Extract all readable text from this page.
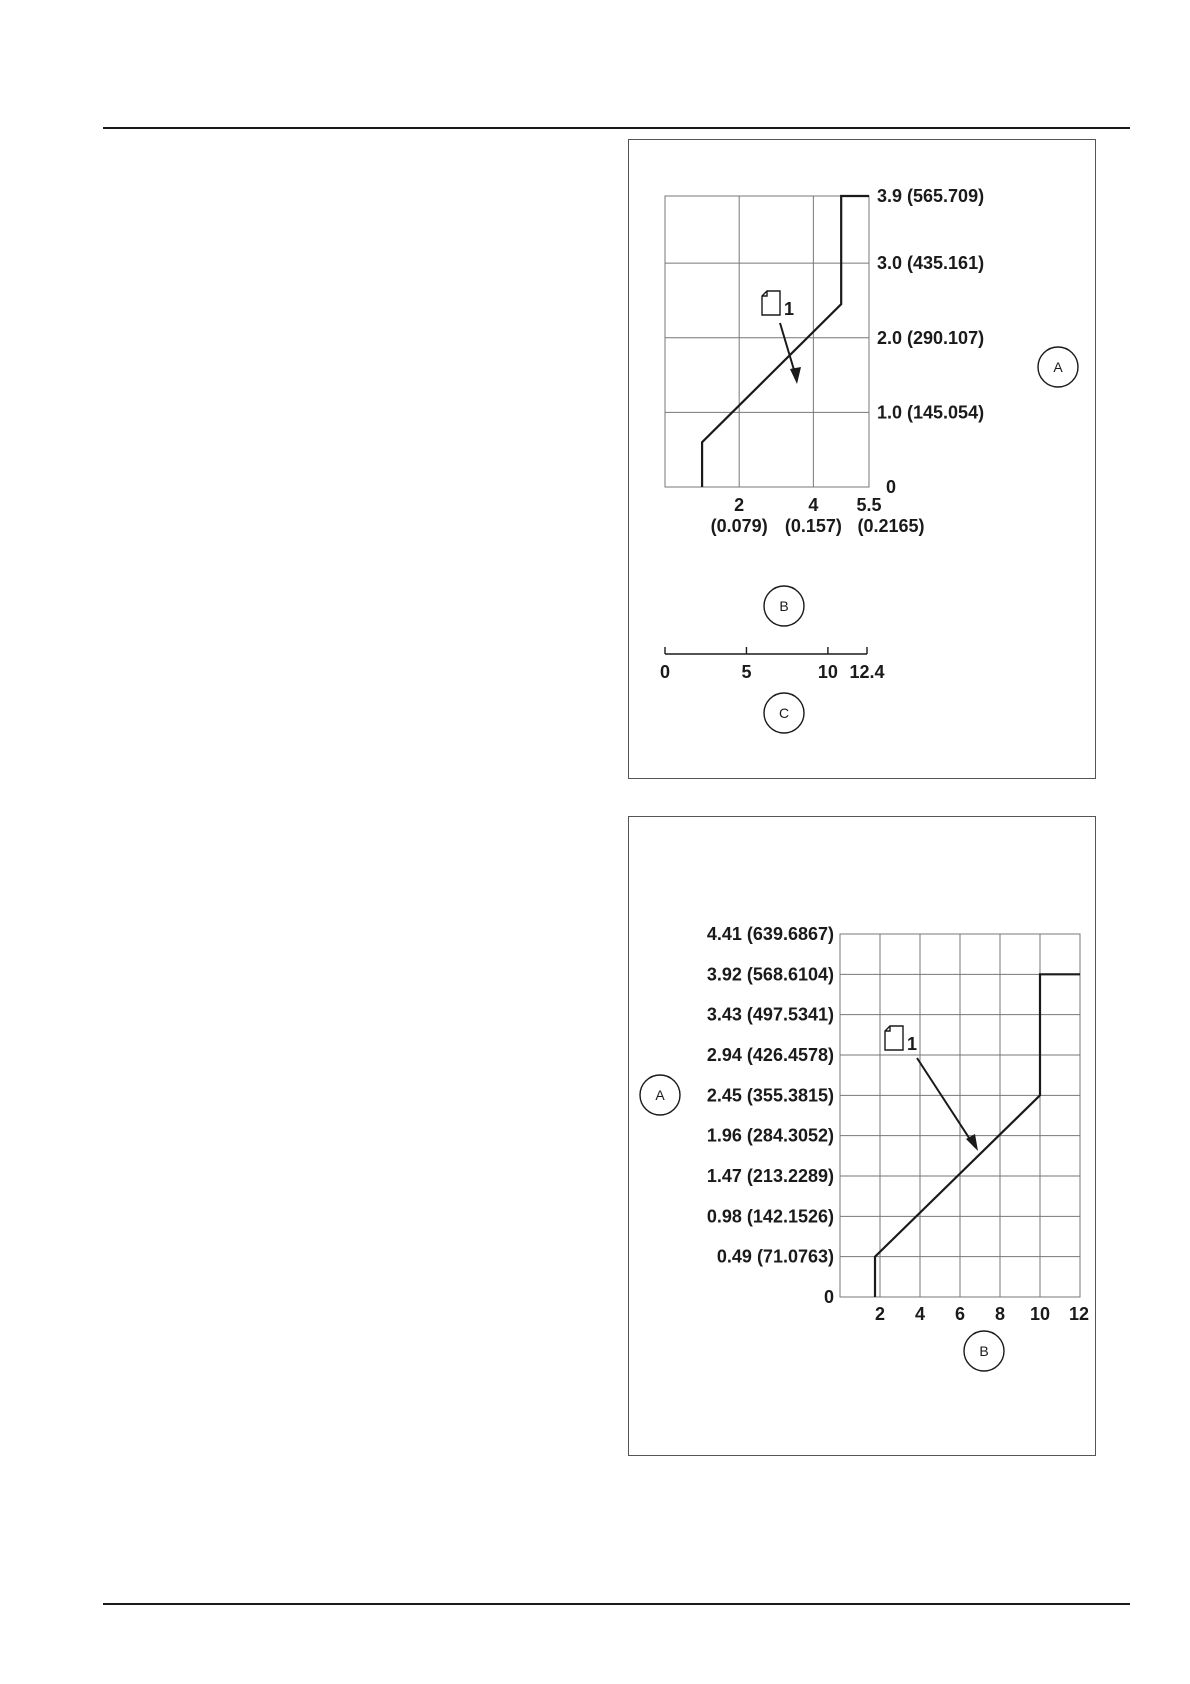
0
1.0 (145.054)
2.0 (290.107)
3.0 (435.161)
3.9 (565.709)
2
(0.079)
4
(0.157)
5.5
(0.2165)
1
A
B
0	5	10 12.4
C
0
0.49 (71.0763)
0.98 (142.1526)
1.47 (213.2289)
1.96 (284.3052)
2.45 (355.3815)
2.94 (426.4578)
3.43 (497.5341)
3.92 (568.6104)
4.41 (639.6867)
2 4 6 8 10 12
1
A
B
